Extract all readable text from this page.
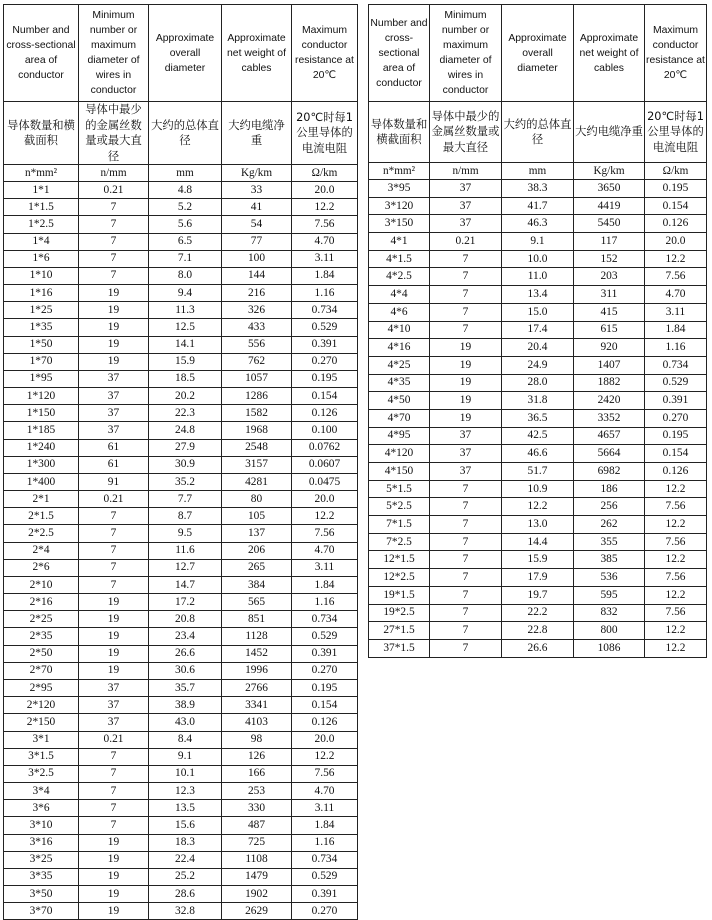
Number and cross-sectional area of conductor	Minimum number or maximum diameter of wires in conductor	Approximate overall diameter	Approximate net weight of cables	Maximum conductor resistance at 20℃
导体数量和横截面积	导体中最少的金属丝数量或最大直径	大约的总体直径	大约电缆净重	20℃时每1公里导体的电流电阻
n*mm²	n/mm	mm	Kg/km	Ω/km
1*1	0.21	4.8	33	20.0
1*1.5	7	5.2	41	12.2
1*2.5	7	5.6	54	7.56
1*4	7	6.5	77	4.70
1*6	7	7.1	100	3.11
1*10	7	8.0	144	1.84
1*16	19	9.4	216	1.16
1*25	19	11.3	326	0.734
1*35	19	12.5	433	0.529
1*50	19	14.1	556	0.391
1*70	19	15.9	762	0.270
1*95	37	18.5	1057	0.195
1*120	37	20.2	1286	0.154
1*150	37	22.3	1582	0.126
1*185	37	24.8	1968	0.100
1*240	61	27.9	2548	0.0762
1*300	61	30.9	3157	0.0607
1*400	91	35.2	4281	0.0475
2*1	0.21	7.7	80	20.0
2*1.5	7	8.7	105	12.2
2*2.5	7	9.5	137	7.56
2*4	7	11.6	206	4.70
2*6	7	12.7	265	3.11
2*10	7	14.7	384	1.84
2*16	19	17.2	565	1.16
2*25	19	20.8	851	0.734
2*35	19	23.4	1128	0.529
2*50	19	26.6	1452	0.391
2*70	19	30.6	1996	0.270
2*95	37	35.7	2766	0.195
2*120	37	38.9	3341	0.154
2*150	37	43.0	4103	0.126
3*1	0.21	8.4	98	20.0
3*1.5	7	9.1	126	12.2
3*2.5	7	10.1	166	7.56
3*4	7	12.3	253	4.70
3*6	7	13.5	330	3.11
3*10	7	15.6	487	1.84
3*16	19	18.3	725	1.16
3*25	19	22.4	1108	0.734
3*35	19	25.2	1479	0.529
3*50	19	28.6	1902	0.391
3*70	19	32.8	2629	0.270
Number and cross-sectional area of conductor	Minimum number or maximum diameter of wires in conductor	Approximate overall diameter	Approximate net weight of cables	Maximum conductor resistance at 20℃
导体数量和横截面积	导体中最少的金属丝数量或最大直径	大约的总体直径	大约电缆净重	20℃时每1公里导体的电流电阻
n*mm²	n/mm	mm	Kg/km	Ω/km
3*95	37	38.3	3650	0.195
3*120	37	41.7	4419	0.154
3*150	37	46.3	5450	0.126
4*1	0.21	9.1	117	20.0
4*1.5	7	10.0	152	12.2
4*2.5	7	11.0	203	7.56
4*4	7	13.4	311	4.70
4*6	7	15.0	415	3.11
4*10	7	17.4	615	1.84
4*16	19	20.4	920	1.16
4*25	19	24.9	1407	0.734
4*35	19	28.0	1882	0.529
4*50	19	31.8	2420	0.391
4*70	19	36.5	3352	0.270
4*95	37	42.5	4657	0.195
4*120	37	46.6	5664	0.154
4*150	37	51.7	6982	0.126
5*1.5	7	10.9	186	12.2
5*2.5	7	12.2	256	7.56
7*1.5	7	13.0	262	12.2
7*2.5	7	14.4	355	7.56
12*1.5	7	15.9	385	12.2
12*2.5	7	17.9	536	7.56
19*1.5	7	19.7	595	12.2
19*2.5	7	22.2	832	7.56
27*1.5	7	22.8	800	12.2
37*1.5	7	26.6	1086	12.2
